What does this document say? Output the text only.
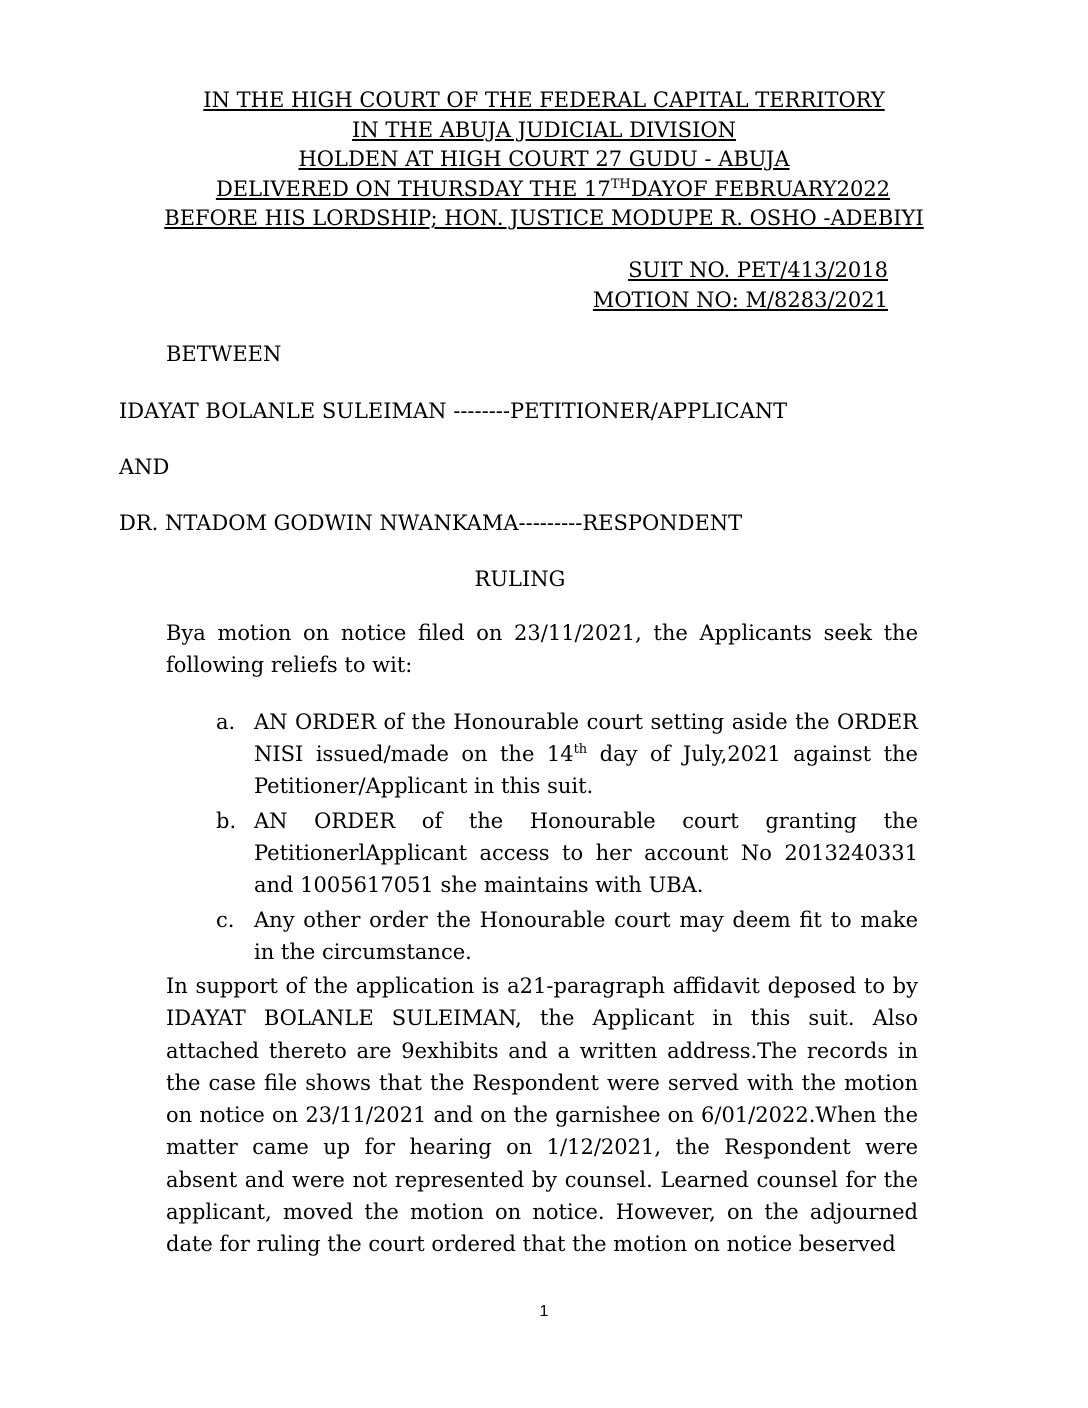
IN THE HIGH COURT OF THE FEDERAL CAPITAL TERRITORY
IN THE ABUJA JUDICIAL DIVISION
HOLDEN AT HIGH COURT 27 GUDU - ABUJA
DELIVERED ON THURSDAY THE 17THDAYOF FEBRUARY2022
BEFORE HIS LORDSHIP; HON. JUSTICE MODUPE R. OSHO -ADEBIYI
SUIT NO. PET/413/2018
MOTION NO: M/8283/2021
BETWEEN
IDAYAT BOLANLE SULEIMAN --------PETITIONER/APPLICANT
AND
DR. NTADOM GODWIN NWANKAMA---------RESPONDENT
RULING

Bya motion on notice filed on 23/11/2021, the Applicants seek the following reliefs to wit:

a. AN ORDER of the Honourable court setting aside the ORDER NISI issued/made on the 14th day of July,2021 against the Petitioner/Applicant in this suit.
b. AN ORDER of the Honourable court granting the PetitionerlApplicant access to her account No 2013240331 and 1005617051 she maintains with UBA.
c. Any other order the Honourable court may deem fit to make in the circumstance.

In support of the application is a21-paragraph affidavit deposed to by IDAYAT BOLANLE SULEIMAN, the Applicant in this suit. Also attached thereto are 9exhibits and a written address.The records in the case file shows that the Respondent were served with the motion on notice on 23/11/2021 and on the garnishee on 6/01/2022.When the matter came up for hearing on 1/12/2021, the Respondent were absent and were not represented by counsel. Learned counsel for the applicant, moved the motion on notice. However, on the adjourned date for ruling the court ordered that the motion on notice beserved

1
